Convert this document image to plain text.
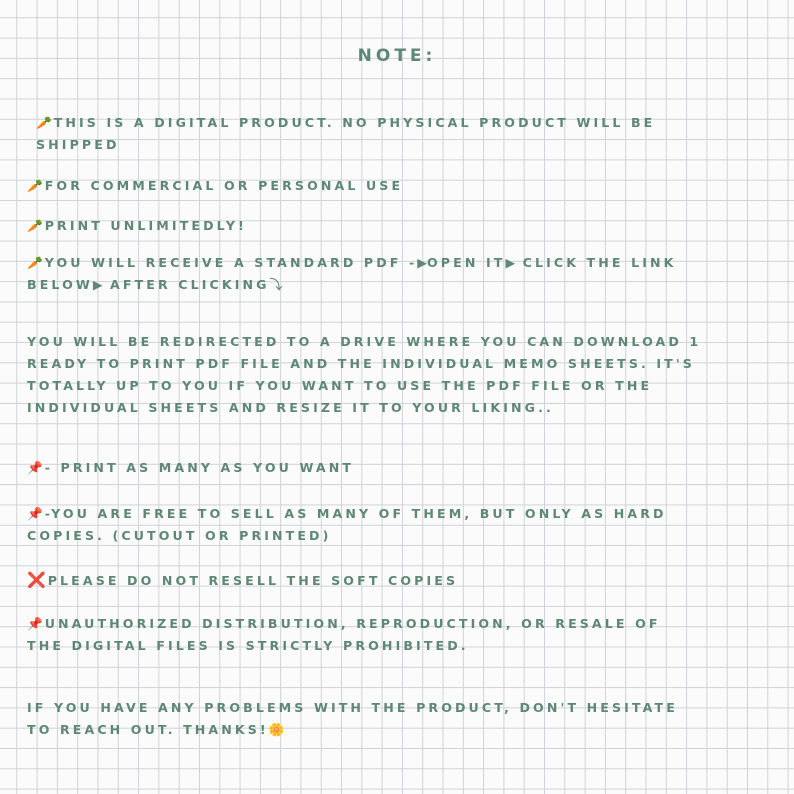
NOTE:

🥕 THIS IS A DIGITAL PRODUCT. NO PHYSICAL PRODUCT WILL BE SHIPPED

🥕 FOR COMMERCIAL OR PERSONAL USE

🥕 PRINT UNLIMITEDLY!

🥕 YOU WILL RECEIVE A STANDARD PDF -▶OPEN IT▶ CLICK THE LINK BELOW▶ AFTER CLICKING⤵

YOU WILL BE REDIRECTED TO A DRIVE WHERE YOU CAN DOWNLOAD 1 READY TO PRINT PDF FILE AND THE INDIVIDUAL MEMO SHEETS. IT'S TOTALLY UP TO YOU IF YOU WANT TO USE THE PDF FILE OR THE INDIVIDUAL SHEETS AND RESIZE IT TO YOUR LIKING..

📌 - PRINT AS MANY AS YOU WANT

📌 -YOU ARE FREE TO SELL AS MANY OF THEM, BUT ONLY AS HARD COPIES. (CUTOUT OR PRINTED)

❌ PLEASE DO NOT RESELL THE SOFT COPIES

📌 UNAUTHORIZED DISTRIBUTION, REPRODUCTION, OR RESALE OF THE DIGITAL FILES IS STRICTLY PROHIBITED.

IF YOU HAVE ANY PROBLEMS WITH THE PRODUCT, DON'T HESITATE TO REACH OUT. THANKS!🌼
